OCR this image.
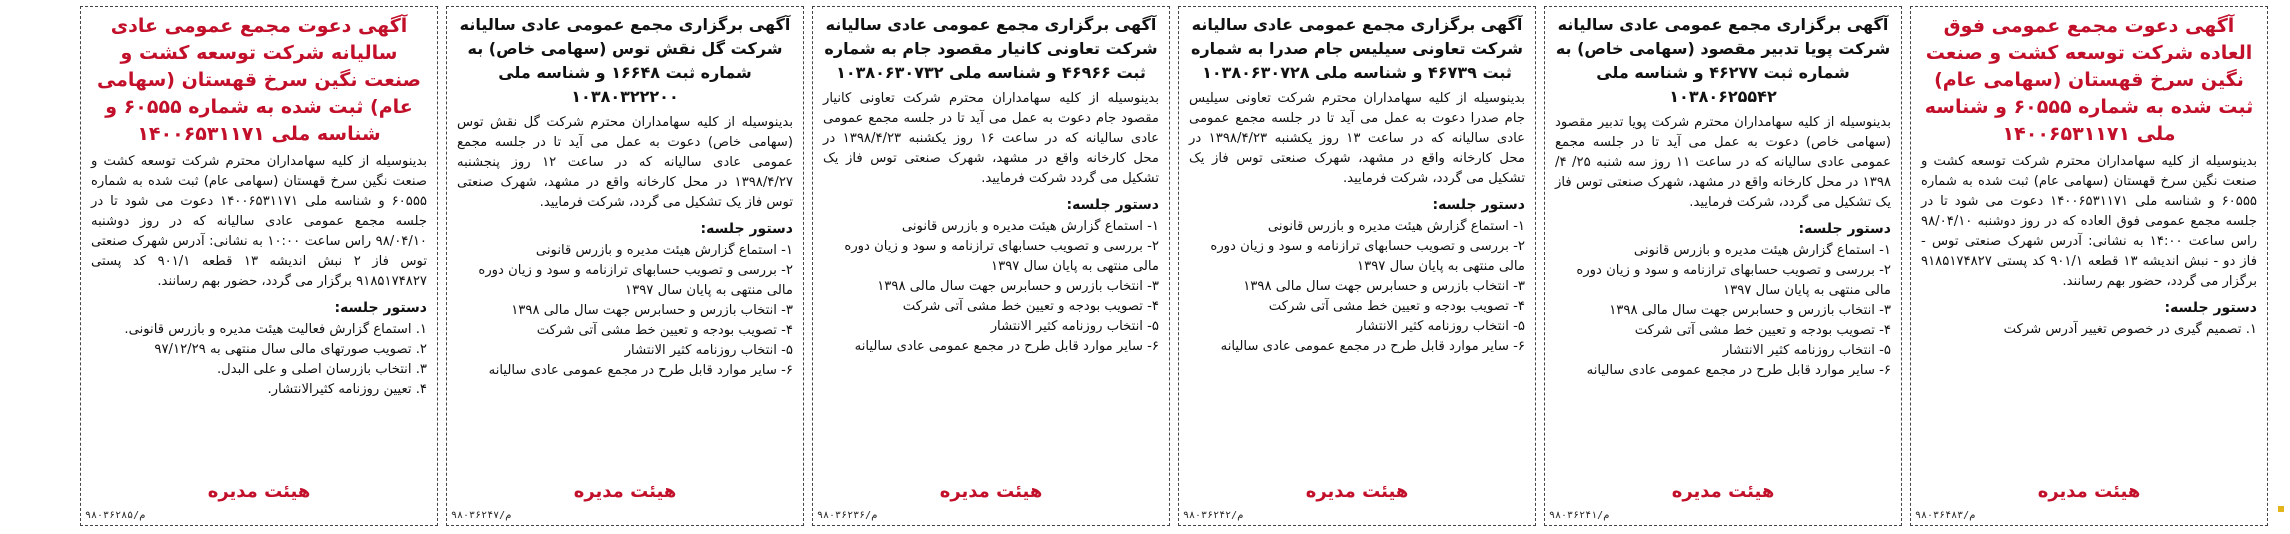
آگهی دعوت مجمع عمومی فوق العاده شرکت توسعه کشت و صنعت نگین سرخ قهستان (سهامی عام) ثبت شده به شماره ۶۰۵۵۵ و شناسه ملی ۱۴۰۰۶۵۳۱۱۷۱

بدینوسیله از کلیه سهامداران محترم شرکت توسعه کشت و صنعت نگین سرخ قهستان (سهامی عام) ثبت شده به شماره ۶۰۵۵۵ و شناسه ملی ۱۴۰۰۶۵۳۱۱۷۱ دعوت می شود تا در جلسه مجمع عمومی فوق العاده که در روز دوشنبه ۹۸/۰۴/۱۰ راس ساعت ۱۴:۰۰ به نشانی: آدرس شهرک صنعتی توس - فاز دو - نبش اندیشه ۱۳ قطعه ۹۰۱/۱ کد پستی ۹۱۸۵۱۷۴۸۲۷ برگزار می گردد، حضور بهم رسانند.

دستور جلسه:
۱. تصمیم گیری در خصوص تغییر آدرس شرکت
هیئت مدیره
۹۸۰۳۶۴۸۳/م
آگهی برگزاری مجمع عمومی عادی سالیانه شرکت پویا تدبیر مقصود (سهامی خاص) به شماره ثبت ۴۶۲۷۷ و شناسه ملی ۱۰۳۸۰۶۲۵۵۴۲

بدینوسیله از کلیه سهامداران محترم شرکت پویا تدبیر مقصود (سهامی خاص) دعوت به عمل می آید تا در جلسه مجمع عمومی عادی سالیانه که در ساعت ۱۱ روز سه شنبه ۲۵/ ۴/ ۱۳۹۸ در محل کارخانه واقع در مشهد، شهرک صنعتی توس فاز یک تشکیل می گردد، شرکت فرمایید.

دستور جلسه:
۱- استماع گزارش هیئت مدیره و بازرس قانونی
۲- بررسی و تصویب حسابهای ترازنامه و سود و زیان دوره مالی منتهی به پایان سال ۱۳۹۷
۳- انتخاب بازرس و حسابرس جهت سال مالی ۱۳۹۸
۴- تصویب بودجه و تعیین خط مشی آتی شرکت
۵- انتخاب روزنامه کثیر الانتشار
۶- سایر موارد قابل طرح در مجمع عمومی عادی سالیانه
هیئت مدیره
۹۸۰۳۶۲۴۱/م
آگهی برگزاری مجمع عمومی عادی سالیانه شرکت تعاونی سیلیس جام صدرا به شماره ثبت ۴۶۷۳۹ و شناسه ملی ۱۰۳۸۰۶۳۰۷۲۸

بدینوسیله از کلیه سهامداران محترم شرکت تعاونی سیلیس جام صدرا دعوت به عمل می آید تا در جلسه مجمع عمومی عادی سالیانه که در ساعت ۱۳ روز یکشنبه ۱۳۹۸/۴/۲۳ در محل کارخانه واقع در مشهد، شهرک صنعتی توس فاز یک تشکیل می گردد، شرکت فرمایید.

دستور جلسه:
۱- استماع گزارش هیئت مدیره و بازرس قانونی
۲- بررسی و تصویب حسابهای ترازنامه و سود و زیان دوره مالی منتهی به پایان سال ۱۳۹۷
۳- انتخاب بازرس و حسابرس جهت سال مالی ۱۳۹۸
۴- تصویب بودجه و تعیین خط مشی آتی شرکت
۵- انتخاب روزنامه کثیر الانتشار
۶- سایر موارد قابل طرح در مجمع عمومی عادی سالیانه
هیئت مدیره
۹۸۰۳۶۲۴۲/م
آگهی برگزاری مجمع عمومی عادی سالیانه شرکت تعاونی کانیار مقصود جام به شماره ثبت ۴۶۹۶۶ و شناسه ملی ۱۰۳۸۰۶۳۰۷۳۲

بدینوسیله از کلیه سهامداران محترم شرکت تعاونی کانیار مقصود جام دعوت به عمل می آید تا در جلسه مجمع عمومی عادی سالیانه که در ساعت ۱۶ روز یکشنبه ۱۳۹۸/۴/۲۳ در محل کارخانه واقع در مشهد، شهرک صنعتی توس فاز یک تشکیل می گردد شرکت فرمایید.

دستور جلسه:
۱- استماع گزارش هیئت مدیره و بازرس قانونی
۲- بررسی و تصویب حسابهای ترازنامه و سود و زیان دوره مالی منتهی به پایان سال ۱۳۹۷
۳- انتخاب بازرس و حسابرس جهت سال مالی ۱۳۹۸
۴- تصویب بودجه و تعیین خط مشی آتی شرکت
۵- انتخاب روزنامه کثیر الانتشار
۶- سایر موارد قابل طرح در مجمع عمومی عادی سالیانه
هیئت مدیره
۹۸۰۳۶۲۳۶/م
آگهی برگزاری مجمع عمومی عادی سالیانه شرکت گل نقش توس (سهامی خاص) به شماره ثبت ۱۶۶۴۸ و شناسه ملی ۱۰۳۸۰۳۲۲۲۰۰

بدینوسیله از کلیه سهامداران محترم شرکت گل نقش توس (سهامی خاص) دعوت به عمل می آید تا در جلسه مجمع عمومی عادی سالیانه که در ساعت ۱۲ روز پنجشنبه ۱۳۹۸/۴/۲۷ در محل کارخانه واقع در مشهد، شهرک صنعتی توس فاز یک تشکیل می گردد، شرکت فرمایید.

دستور جلسه:
۱- استماع گزارش هیئت مدیره و بازرس قانونی
۲- بررسی و تصویب حسابهای ترازنامه و سود و زیان دوره مالی منتهی به پایان سال ۱۳۹۷
۳- انتخاب بازرس و حسابرس جهت سال مالی ۱۳۹۸
۴- تصویب بودجه و تعیین خط مشی آتی شرکت
۵- انتخاب روزنامه کثیر الانتشار
۶- سایر موارد قابل طرح در مجمع عمومی عادی سالیانه
هیئت مدیره
۹۸۰۳۶۲۴۷/م
آگهی دعوت مجمع عمومی عادی سالیانه شرکت توسعه کشت و صنعت نگین سرخ قهستان (سهامی عام) ثبت شده به شماره ۶۰۵۵۵ و شناسه ملی ۱۴۰۰۶۵۳۱۱۷۱

بدینوسیله از کلیه سهامداران محترم شرکت توسعه کشت و صنعت نگین سرخ قهستان (سهامی عام) ثبت شده به شماره ۶۰۵۵۵ و شناسه ملی ۱۴۰۰۶۵۳۱۱۷۱ دعوت می شود تا در جلسه مجمع عمومی عادی سالیانه که در روز دوشنبه ۹۸/۰۴/۱۰ راس ساعت ۱۰:۰۰ به نشانی: آدرس شهرک صنعتی توس فاز ۲ نبش اندیشه ۱۳ قطعه ۹۰۱/۱ کد پستی ۹۱۸۵۱۷۴۸۲۷ برگزار می گردد، حضور بهم رسانند.

دستور جلسه:
۱. استماع گزارش فعالیت هیئت مدیره و بازرس قانونی.
۲. تصویب صورتهای مالی سال منتهی به ۹۷/۱۲/۲۹
۳. انتخاب بازرسان اصلی و علی البدل.
۴. تعیین روزنامه کثیرالانتشار.
هیئت مدیره
۹۸۰۳۶۲۸۵/م
